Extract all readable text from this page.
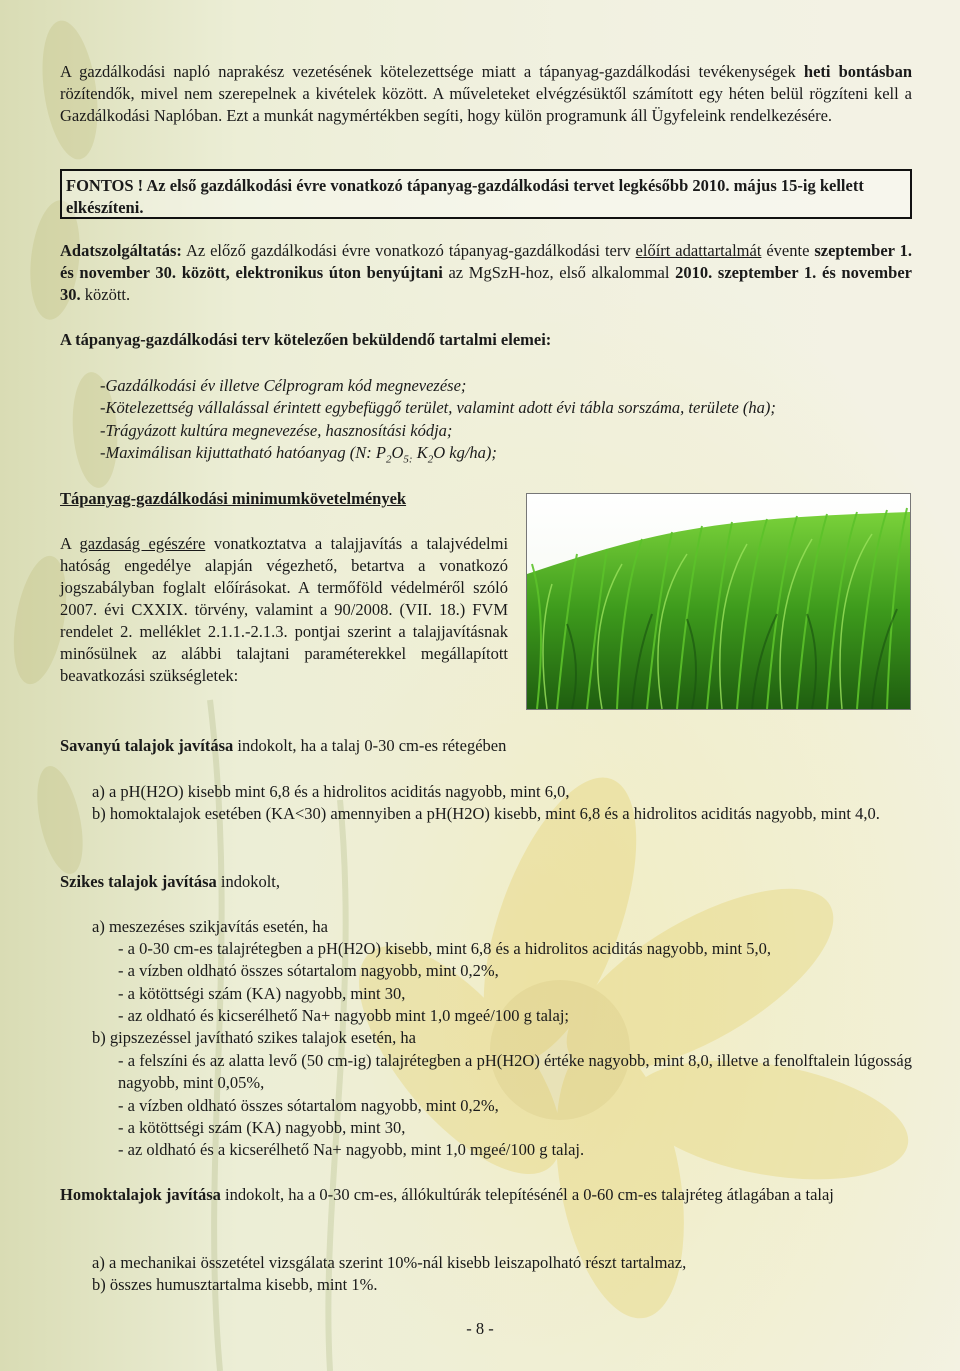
A gazdálkodási napló naprakész vezetésének kötelezettsége miatt a tápanyag-gazdálkodási tevékenységek heti bontásban rözítendők, mivel nem szerepelnek a kivételek között. A műveleteket elvégzésüktől számított egy héten belül rögzíteni kell a Gazdálkodási Naplóban. Ezt a munkát nagymértékben segíti, hogy külön programunk áll Ügyfeleink rendelkezésére.

FONTOS ! Az első gazdálkodási évre vonatkozó tápanyag-gazdálkodási tervet legkésőbb 2010. május 15-ig kellett elkészíteni.

Adatszolgáltatás: Az előző gazdálkodási évre vonatkozó tápanyag-gazdálkodási terv előírt adattartalmát évente szeptember 1. és november 30. között, elektronikus úton benyújtani az MgSzH-hoz, első alkalommal 2010. szeptember 1. és november 30. között.

A tápanyag-gazdálkodási terv kötelezően beküldendő tartalmi elemei:

-Gazdálkodási év illetve Célprogram kód megnevezése;

-Kötelezettség vállalással érintett egybefüggő terület, valamint adott évi tábla sorszáma, területe (ha);

-Trágyázott kultúra megnevezése, hasznosítási kódja;

-Maximálisan kijuttatható hatóanyag (N: $P_2O_{5:}$ $K_2O$ kg/ha);

Tápanyag-gazdálkodási minimumkövetelmények

A gazdaság egészére vonatkoztatva a talajjavítás a talajvédelmi hatóság engedélye alapján végezhető, betartva a vonatkozó jogszabályban foglalt előírásokat. A termőföld védelméről szóló 2007. évi CXXIX. törvény, valamint a 90/2008. (VII. 18.) FVM rendelet 2. melléklet 2.1.1.-2.1.3. pontjai szerint a talajjavításnak minősülnek az alábbi talajtani paraméterekkel megállapított beavatkozási szükségletek:

Savanyú talajok javítása indokolt, ha a talaj 0-30 cm-es rétegében

a) a pH(H2O) kisebb mint 6,8 és a hidrolitos aciditás nagyobb, mint 6,0,
b) homoktalajok esetében (KA<30) amennyiben a pH(H2O) kisebb, mint 6,8 és a hidrolitos aciditás nagyobb, mint 4,0.

Szikes talajok javítása indokolt,

a) meszezéses szikjavítás esetén, ha

- a 0-30 cm-es talajrétegben a pH(H2O) kisebb, mint 6,8 és a hidrolitos aciditás nagyobb, mint 5,0,

- a vízben oldható összes sótartalom nagyobb, mint 0,2%,

- a kötöttségi szám (KA) nagyobb, mint 30,

- az oldható és kicserélhető Na+ nagyobb mint 1,0 mgeé/100 g talaj;

b) gipszezéssel javítható szikes talajok esetén, ha

- a felszíni és az alatta levő (50 cm-ig) talajrétegben a pH(H2O) értéke nagyobb, mint 8,0, illetve a fenolftalein lúgosság nagyobb, mint 0,05%,

- a vízben oldható összes sótartalom nagyobb, mint 0,2%,

- a kötöttségi szám (KA) nagyobb, mint 30,

- az oldható és a kicserélhető Na+ nagyobb, mint 1,0 mgeé/100 g talaj.

Homoktalajok javítása indokolt, ha a 0-30 cm-es, állókultúrák telepítésénél a 0-60 cm-es talajréteg átlagában a talaj

a) a mechanikai összetétel vizsgálata szerint 10%-nál kisebb leiszapolható részt tartalmaz,

b) összes humusztartalma kisebb, mint 1%.

- 8 -
